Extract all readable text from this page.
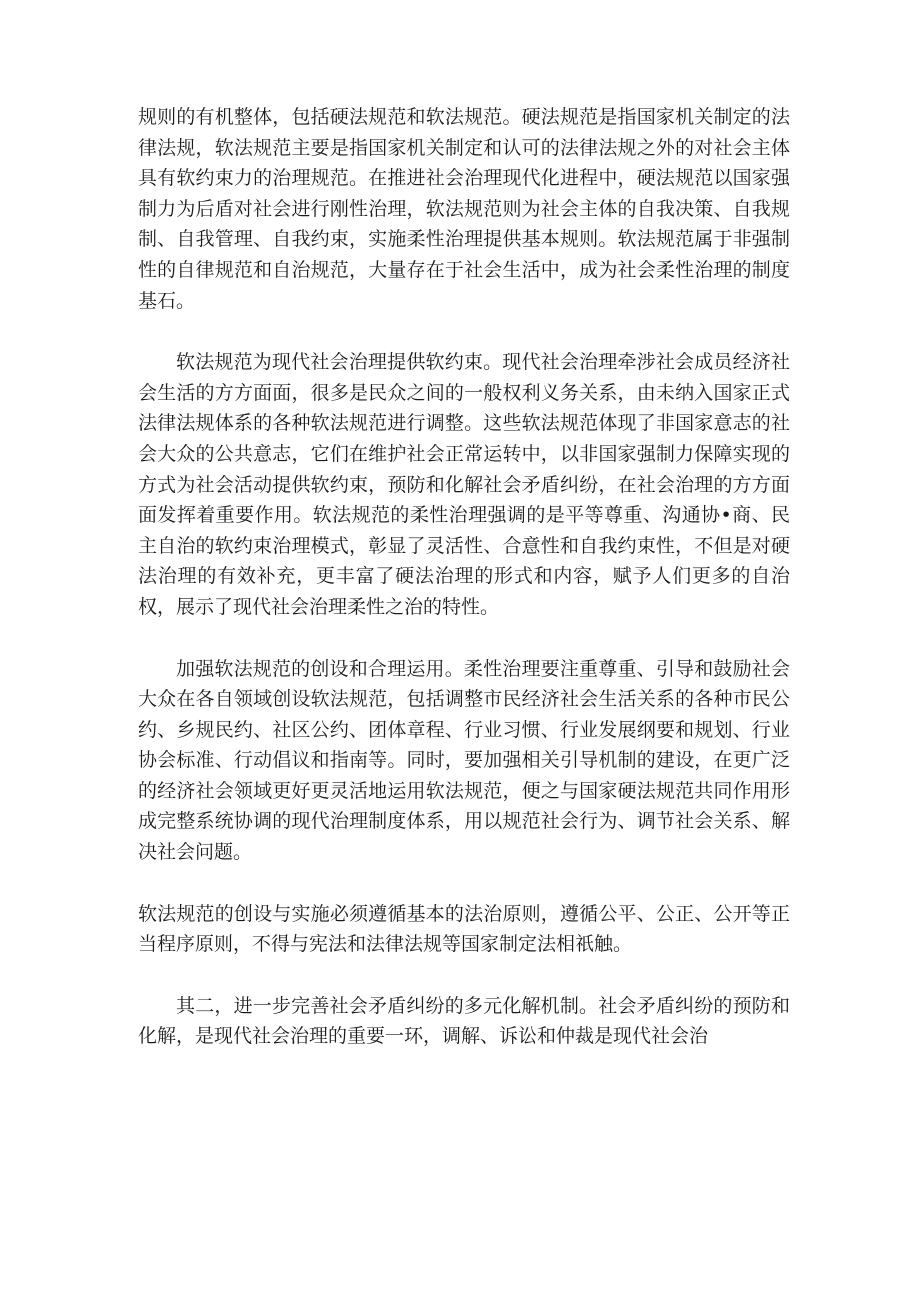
规则的有机整体，包括硬法规范和软法规范。硬法规范是指国家机关制定的法律法规，软法规范主要是指国家机关制定和认可的法律法规之外的对社会主体具有软约束力的治理规范。在推进社会治理现代化进程中，硬法规范以国家强制力为后盾对社会进行刚性治理，软法规范则为社会主体的自我决策、自我规制、自我管理、自我约束，实施柔性治理提供基本规则。软法规范属于非强制性的自律规范和自治规范，大量存在于社会生活中，成为社会柔性治理的制度基石。

软法规范为现代社会治理提供软约束。现代社会治理牵涉社会成员经济社会生活的方方面面，很多是民众之间的一般权利义务关系，由未纳入国家正式法律法规体系的各种软法规范进行调整。这些软法规范体现了非国家意志的社会大众的公共意志，它们在维护社会正常运转中，以非国家强制力保障实现的方式为社会活动提供软约束，预防和化解社会矛盾纠纷，在社会治理的方方面面发挥着重要作用。软法规范的柔性治理强调的是平等尊重、沟通协•商、民主自治的软约束治理模式，彰显了灵活性、合意性和自我约束性，不但是对硬法治理的有效补充，更丰富了硬法治理的形式和内容，赋予人们更多的自治权，展示了现代社会治理柔性之治的特性。

加强软法规范的创设和合理运用。柔性治理要注重尊重、引导和鼓励社会大众在各自领域创设软法规范，包括调整市民经济社会生活关系的各种市民公约、乡规民约、社区公约、团体章程、行业习惯、行业发展纲要和规划、行业协会标准、行动倡议和指南等。同时，要加强相关引导机制的建设，在更广泛的经济社会领域更好更灵活地运用软法规范，便之与国家硬法规范共同作用形成完整系统协调的现代治理制度体系，用以规范社会行为、调节社会关系、解决社会问题。

软法规范的创设与实施必须遵循基本的法治原则，遵循公平、公正、公开等正当程序原则，不得与宪法和法律法规等国家制定法相祇触。

其二，进一步完善社会矛盾纠纷的多元化解机制。社会矛盾纠纷的预防和化解，是现代社会治理的重要一环，调解、诉讼和仲裁是现代社会治
